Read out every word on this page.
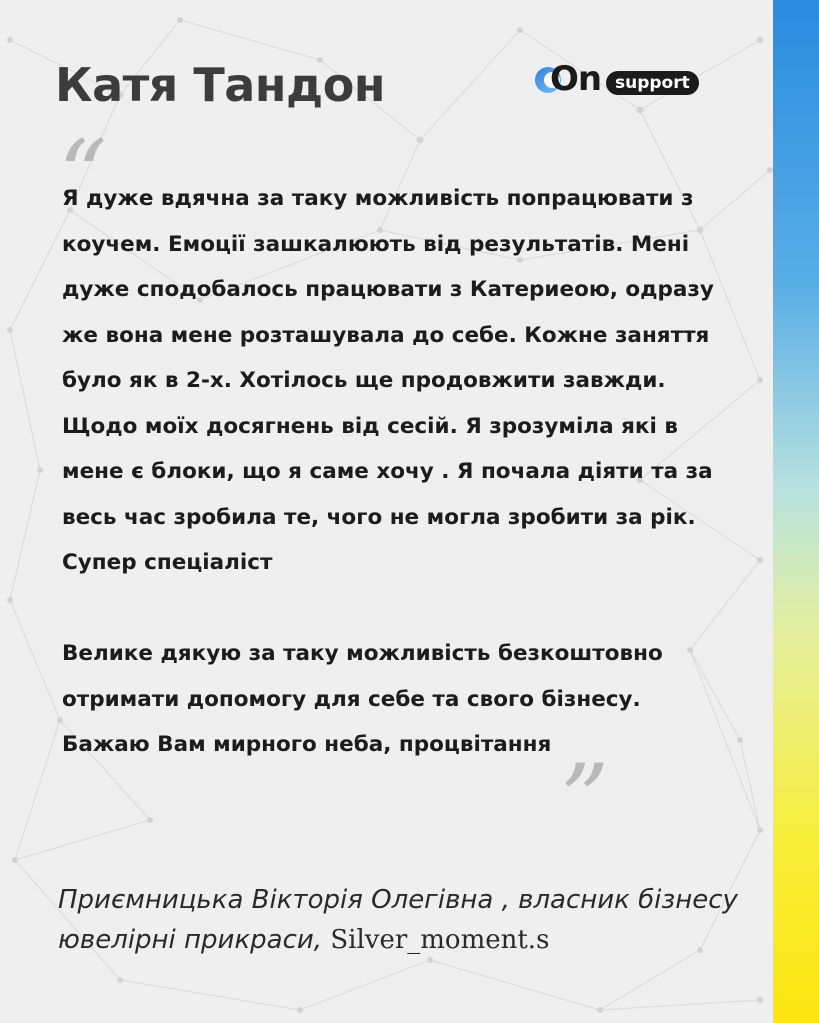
Катя Тандон	On support
“

Я дуже вдячна за таку можливість попрацювати з коучем. Емоції зашкалюють від результатів. Мені дуже сподобалось працювати з Катериеою, одразу же вона мене розташувала до себе. Кожне заняття було як в 2-х. Хотілось ще продовжити завжди. Щодо моїх досягнень від сесій. Я зрозуміла які в мене є блоки, що я саме хочу . Я почала діяти та за весь час зробила те, чого не могла зробити за рік. Супер спеціаліст

Велике дякую за таку можливість безкоштовно отримати допомогу для себе та свого бізнесу. Бажаю Вам мирного неба, процвітання ”

Приємницька Вікторія Олегівна , власник бізнесу ювелірні прикраси, Silver_moment.s
